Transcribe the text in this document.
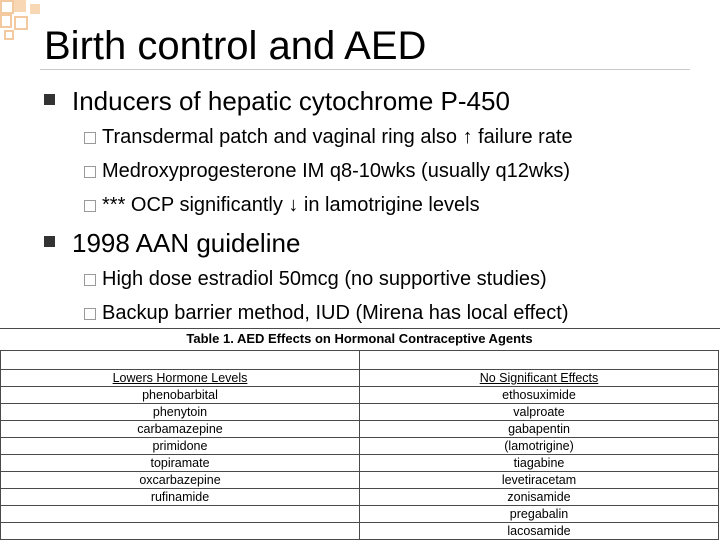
Birth control and AED
Inducers of hepatic cytochrome P-450
Transdermal patch and vaginal ring also ↑ failure rate
Medroxyprogesterone IM q8-10wks (usually q12wks)
*** OCP significantly ↓ in lamotrigine levels
1998 AAN guideline
High dose estradiol 50mcg (no supportive studies)
Backup barrier method, IUD (Mirena has local effect)
Table 1. AED Effects on Hormonal Contraceptive Agents	

Lowers Hormone Levels	No Significant Effects
phenobarbital	ethosuximide
phenytoin	valproate
carbamazepine	gabapentin
primidone	(lamotrigine)
topiramate	tiagabine
oxcarbazepine	levetiracetam
rufinamide	zonisamide
	pregabalin
	lacosamide
